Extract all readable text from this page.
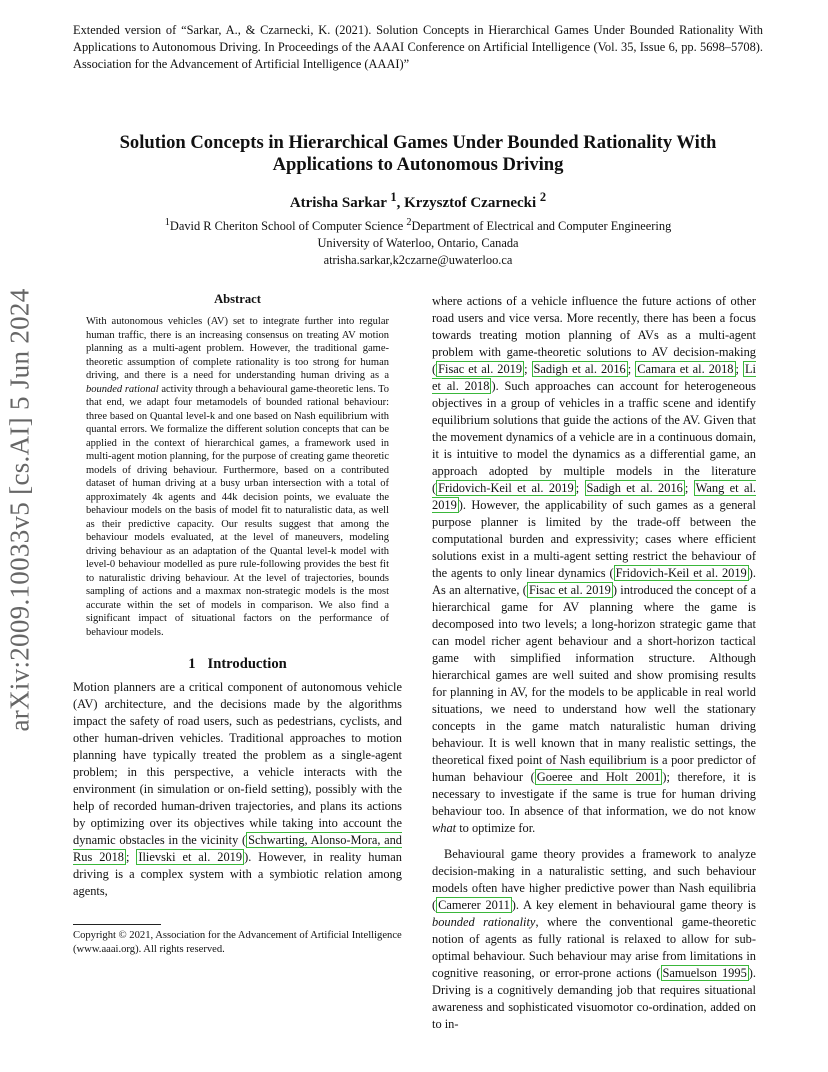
Extended version of “Sarkar, A., & Czarnecki, K. (2021). Solution Concepts in Hierarchical Games Under Bounded Rationality With Applications to Autonomous Driving. In Proceedings of the AAAI Conference on Artificial Intelligence (Vol. 35, Issue 6, pp. 5698–5708). Association for the Advancement of Artificial Intelligence (AAAI)”
Solution Concepts in Hierarchical Games Under Bounded Rationality With Applications to Autonomous Driving
Atrisha Sarkar $^1$, Krzysztof Czarnecki $^2$
$^1$David R Cheriton School of Computer Science $^2$Department of Electrical and Computer Engineering
University of Waterloo, Ontario, Canada
atrisha.sarkar,k2czarne@uwaterloo.ca
arXiv:2009.10033v5 [cs.AI] 5 Jun 2024	Abstract

With autonomous vehicles (AV) set to integrate further into regular human traffic, there is an increasing consensus on treating AV motion planning as a multi-agent problem. However, the traditional game-theoretic assumption of complete rationality is too strong for human driving, and there is a need for understanding human driving as a bounded rational activity through a behavioural game-theoretic lens. To that end, we adapt four metamodels of bounded rational behaviour: three based on Quantal level-k and one based on Nash equilibrium with quantal errors. We formalize the different solution concepts that can be applied in the context of hierarchical games, a framework used in multi-agent motion planning, for the purpose of creating game theoretic models of driving behaviour. Furthermore, based on a contributed dataset of human driving at a busy urban intersection with a total of approximately 4k agents and 44k decision points, we evaluate the behaviour models on the basis of model fit to naturalistic data, as well as their predictive capacity. Our results suggest that among the behaviour models evaluated, at the level of maneuvers, modeling driving behaviour as an adaptation of the Quantal level-k model with level-0 behaviour modelled as pure rule-following provides the best fit to naturalistic driving behaviour. At the level of trajectories, bounds sampling of actions and a maxmax non-strategic models is the most accurate within the set of models in comparison. We also find a significant impact of situational factors on the performance of behaviour models.

1 Introduction

Motion planners are a critical component of autonomous vehicle (AV) architecture, and the decisions made by the algorithms impact the safety of road users, such as pedestrians, cyclists, and other human-driven vehicles. Traditional approaches to motion planning have typically treated the problem as a single-agent problem; in this perspective, a vehicle interacts with the environment (in simulation or on-field setting), possibly with the help of recorded human-driven trajectories, and plans its actions by optimizing over its objectives while taking into account the dynamic obstacles in the vicinity ( Schwarting, Alonso-Mora, and Rus 2018 ; Ilievski et al. 2019 ). However, in reality human driving is a complex system with a symbiotic relation among agents,

Copyright © 2021, Association for the Advancement of Artificial Intelligence (www.aaai.org). All rights reserved.

where actions of a vehicle influence the future actions of other road users and vice versa. More recently, there has been a focus towards treating motion planning of AVs as a multi-agent problem with game-theoretic solutions to AV decision-making ( Fisac et al. 2019 ; Sadigh et al. 2016 ; Camara et al. 2018 ; Li et al. 2018 ). Such approaches can account for heterogeneous objectives in a group of vehicles in a traffic scene and identify equilibrium solutions that guide the actions of the AV. Given that the movement dynamics of a vehicle are in a continuous domain, it is intuitive to model the dynamics as a differential game, an approach adopted by multiple models in the literature ( Fridovich-Keil et al. 2019 ; Sadigh et al. 2016 ; Wang et al. 2019 ). However, the applicability of such games as a general purpose planner is limited by the trade-off between the computational burden and expressivity; cases where efficient solutions exist in a multi-agent setting restrict the behaviour of the agents to only linear dynamics ( Fridovich-Keil et al. 2019 ). As an alternative, ( Fisac et al. 2019 ) introduced the concept of a hierarchical game for AV planning where the game is decomposed into two levels; a long-horizon strategic game that can model richer agent behaviour and a short-horizon tactical game with simplified information structure. Although hierarchical games are well suited and show promising results for planning in AV, for the models to be applicable in real world situations, we need to understand how well the stationary concepts in the game match naturalistic human driving behaviour. It is well known that in many realistic settings, the theoretical fixed point of Nash equilibrium is a poor predictor of human behaviour ( Goeree and Holt 2001 ); therefore, it is necessary to investigate if the same is true for human driving behaviour too. In absence of that information, we do not know what to optimize for.

Behavioural game theory provides a framework to analyze decision-making in a naturalistic setting, and such behaviour models often have higher predictive power than Nash equilibria ( Camerer 2011 ). A key element in behavioural game theory is bounded rationality, where the conventional game-theoretic notion of agents as fully rational is relaxed to allow for sub-optimal behaviour. Such behaviour may arise from limitations in cognitive reasoning, or error-prone actions ( Samuelson 1995 ). Driving is a cognitively demanding job that requires situational awareness and sophisticated visuomotor co-ordination, added on to in-
